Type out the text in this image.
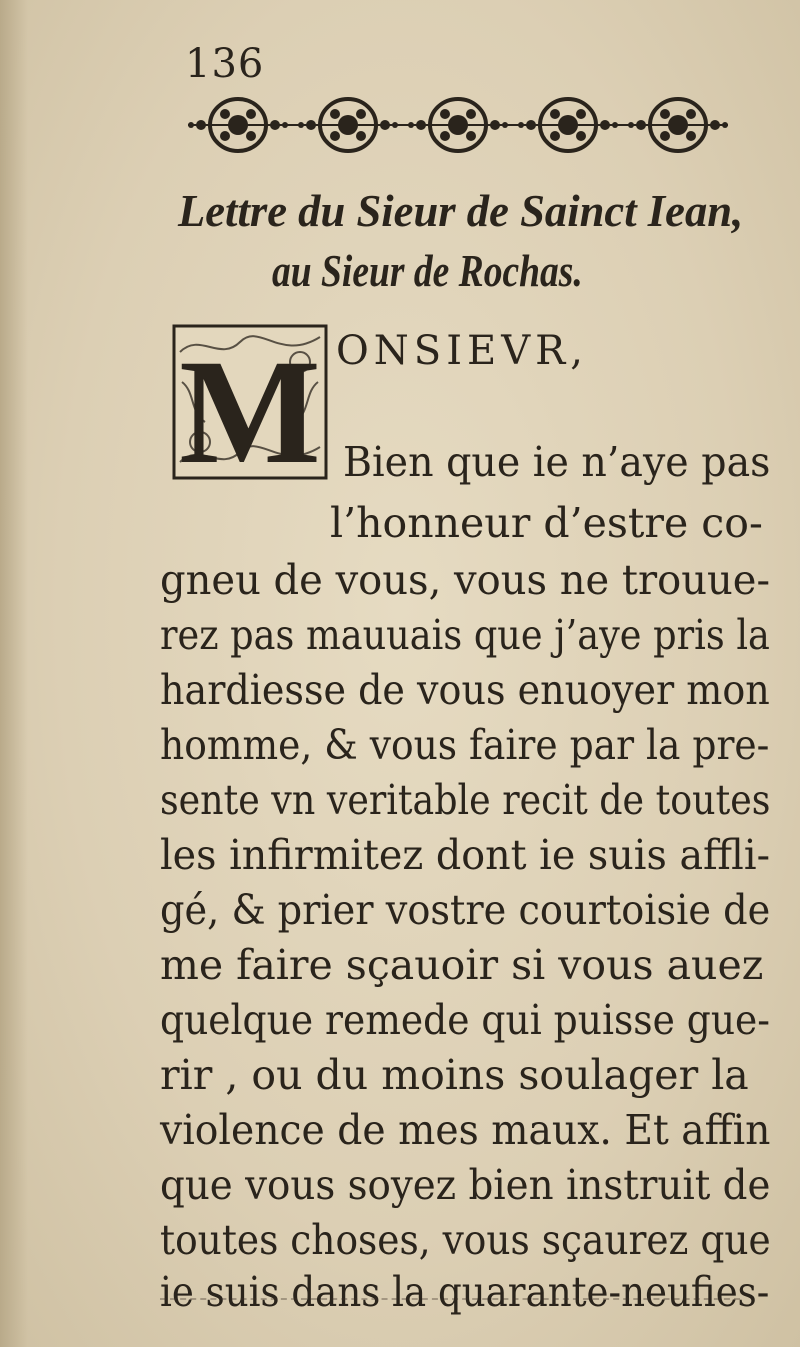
136
Lettre du Sieur de Sainct Iean,
au Sieur de Rochas.
M ONSIEVR,
Bien que ie n’aye pas
l’honneur d’estre co-
gneu de vous, vous ne trouue-
rez pas mauuais que j’aye pris la
hardiesse de vous enuoyer mon
homme, & vous faire par la pre-
sente vn veritable recit de toutes
les infirmitez dont ie suis affli-
gé, & prier vostre courtoisie de
me faire sçauoir si vous auez
quelque remede qui puisse gue-
rir , ou du moins soulager la
violence de mes maux. Et affin
que vous soyez bien instruit de
toutes choses, vous sçaurez que
ie suis dans la quarante-neufies-
